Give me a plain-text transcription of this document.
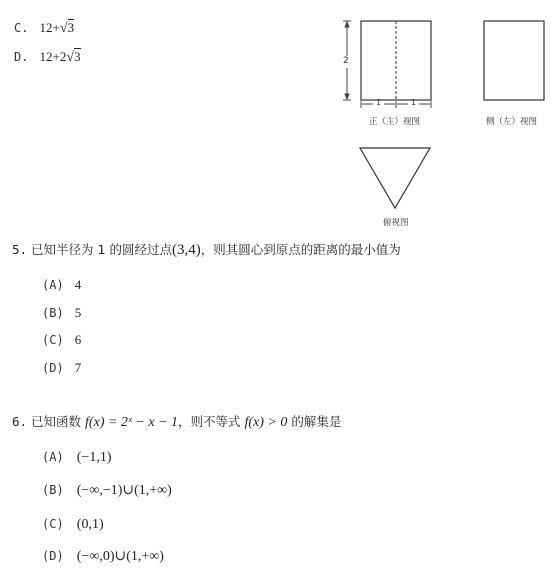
C. 12+√3
D. 12+2√3	2
1	1
正（主）视图	侧（左）视图
俯视图
5. 已知半径为 1 的圆经过点(3,4)，则其圆心到原点的距离的最小值为
(A) 4
(B) 5
(C) 6
(D) 7
6. 已知函数 f(x) = 2ˣ − x − 1，则不等式 f(x) > 0 的解集是
(A) (−1,1)
(B) (−∞,−1)∪(1,+∞)
(C) (0,1)
(D) (−∞,0)∪(1,+∞)
